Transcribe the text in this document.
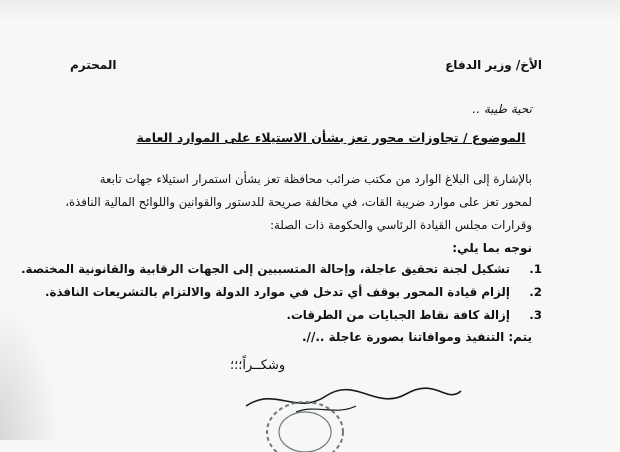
الأخ/ وزير الدفاع
المحترم
تحية طيبة ..
الموضوع / تجاوزات محور تعز بشأن الاستيلاء على الموارد العامة
بالإشارة إلى البلاغ الوارد من مكتب ضرائب محافظة تعز بشأن استمرار استيلاء جهات تابعة
لمحور تعز على موارد ضريبة القات، في مخالفة صريحة للدستور والقوانين واللوائح المالية النافذة،
وقرارات مجلس القيادة الرئاسي والحكومة ذات الصلة:
نوجه بما يلي:
1. تشكيل لجنة تحقيق عاجلة، وإحالة المتسببين إلى الجهات الرقابية والقانونية المختصة.
2. إلزام قيادة المحور بوقف أي تدخل في موارد الدولة والالتزام بالتشريعات النافذة.
3. إزالة كافة نقاط الجبايات من الطرقات.
يتم: التنفيذ وموافاتنا بصورة عاجلة ..//.
وشكــراً؛؛؛
